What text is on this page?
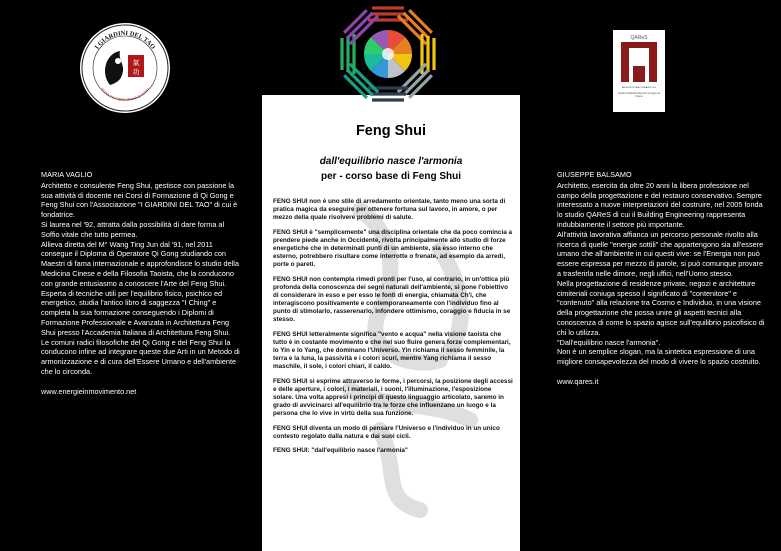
氣
功
I GIARDINI DEL TAO
SCUOLA DI FORMAZIONE QI GONG

MARIA VAGLIO

Architetto e consulente Feng Shui, gestisce con passione la sua attività di docente nei Corsi di Formazione di Qi Gong e Feng Shui con l'Associazione "I GIARDINI DEL TAO" di cui è fondatrice.

Si laurea nel '92, attratta dalla possibilità di dare forma al Soffio vitale che tutto permea.

Allieva diretta del M° Wang Ting Jun dal '91, nel 2011 consegue il Diploma di Operatore Qi Gong studiando con Maestri di fama internazionale e approfondisce lo studio della Medicina Cinese e della Filosofia Taoista, che la conducono con grande entusiasmo a conoscere l'Arte del Feng Shui.

Esperta di tecniche utili per l'equilibrio fisico, psichico ed energetico, studia l'antico libro di saggezza "I Ching" e completa la sua formazione conseguendo i Diplomi di Formazione Professionale e Avanzata in Architettura Feng Shui presso l'Accademia Italiana di Architettura Feng Shui.

Le comuni radici filosofiche del Qi Gong e del Feng Shui la conducono infine ad integrare queste due Arti in un Metodo di armonizzazione e di cura dell'Essere Umano e dell'ambiente che lo circonda.

www.energieinmovimento.net

Feng Shui
dall'equilibrio nasce l'armonia
per - corso base di Feng Shui

FENG SHUI non è uno stile di arredamento orientale, tanto meno una sorta di pratica magica da eseguire per ottenere fortuna sul lavoro, in amore, o per mezzo della quale risolvere problemi di salute.

FENG SHUI è "semplicemente" una disciplina orientale che da poco comincia a prendere piede anche in Occidente, rivolta principalmente allo studio di forze energetiche che in determinati punti di un ambiente, sia esso interno che esterno, potrebbero risultare come interrotte o frenate, ad esempio da arredi, porte o pareti.

FENG SHUI non contempla rimedi pronti per l'uso, al contrario, in un'ottica più profonda della conoscenza dei segni naturali dell'ambiente, si pone l'obiettivo di considerare in esso e per esso le fonti di energia, chiamata Ch'i, che interagiscono positivamente e contemporaneamente con l'individuo fino al punto di stimolarlo, rasserenarlo, infondere ottimismo, coraggio e fiducia in se stesso.

FENG SHUI letteralmente significa "vento e acqua" nella visione taoista che tutto è in costante movimento e che nel suo fluire genera forze complementari, lo Yin e lo Yang, che dominano l'Universo. Yin richiama il sesso femminile, la terra e la luna, la passività e i colori scuri, mentre Yang richiama il sesso maschile, il sole, i colori chiari, il caldo.

FENG SHUI si esprime attraverso le forme, i percorsi, la posizione degli accessi e delle aperture, i colori, i materiali, i suoni, l'illuminazione, l'esposizione solare. Una volta appresi i principi di questo linguaggio articolato, saremo in grado di avvicinarci all'equilibrio tra le forze che influenzano un luogo e la persona che lo vive in virtù della sua funzione.

FENG SHUI diventa un modo di pensare l'Universo e l'individuo in un unico contesto regolato dalla natura e dai suoi cicli.

FENG SHUI: "dall'equilibrio nasce l'armonia"

QAReS
ARCHITETTURA CONSAPEVOLE
Studio Architettura Ricerca nel segno di Cosmo

GIUSEPPE BALSAMO

Architetto, esercita da oltre 20 anni la libera professione nel campo della progettazione e del restauro conservativo. Sempre interessato a nuove interpretazioni del costruire, nel 2005 fonda lo studio QAReS di cui il Building Engineering rappresenta indubbiamente il settore più importante.

All'attività lavorativa affianca un percorso personale rivolto alla ricerca di quelle "energie sottili" che appartengono sia all'essere umano che all'ambiente in cui questi vive: se l'Energia non può essere espressa per mezzo di parole, si può comunque provare a trasferirla nelle dimore, negli uffici, nell'Uomo stesso.

Nella progettazione di residenze private, negozi e architetture cimiteriali coniuga spesso il significato di "contenitore" e "contenuto" alla relazione tra Cosmo e Individuo, in una visione della progettazione che possa unire gli aspetti tecnici alla conoscenza di come lo spazio agisce sull'equilibrio psicofisico di chi lo utilizza.

"Dall'equilibrio nasce l'armonia".

Non è un semplice slogan, ma la sintetica espressione di una migliore consapevolezza del modo di vivere lo spazio costruito.

www.qares.it
